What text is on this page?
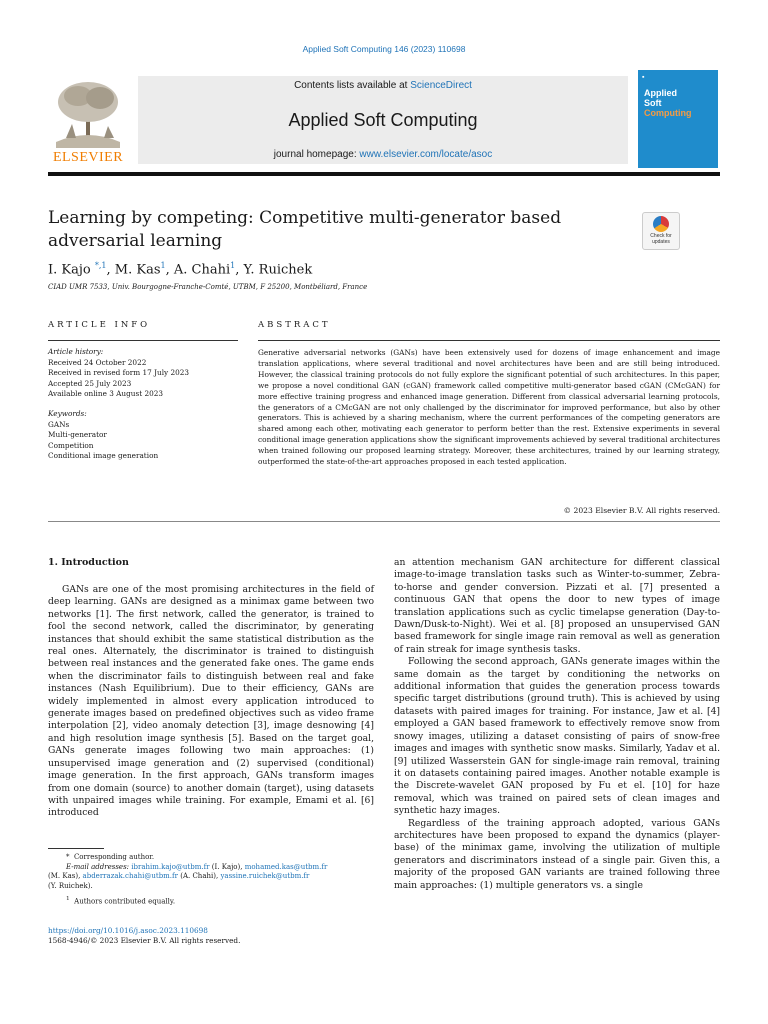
Applied Soft Computing 146 (2023) 110698
ELSEVIER
Contents lists available at ScienceDirect
Applied Soft Computing
journal homepage: www.elsevier.com/locate/asoc
▪
Applied
Soft
Computing
Learning by competing: Competitive multi-generator based adversarial learning	Check for updates
I. Kajo $^{*,1}$, M. Kas$^1$, A. Chahi$^1$, Y. Ruichek
CIAD UMR 7533, Univ. Bourgogne-Franche-Comté, UTBM, F 25200, Montbéliard, France
ARTICLE INFO	ABSTRACT
Article history:
Received 24 October 2022
Received in revised form 17 July 2023
Accepted 25 July 2023
Available online 3 August 2023
Keywords:
GANs
Multi-generator
Competition
Conditional image generation
Generative adversarial networks (GANs) have been extensively used for dozens of image enhancement and image translation applications, where several traditional and novel architectures have been and are still being introduced. However, the classical training protocols do not fully explore the significant potential of such architectures. In this paper, we propose a novel conditional GAN (cGAN) framework called competitive multi-generator based cGAN (CMcGAN) for more effective training progress and enhanced image generation. Different from classical adversarial learning protocols, the generators of a CMcGAN are not only challenged by the discriminator for improved performance, but also by other generators. This is achieved by a sharing mechanism, where the current performances of the competing generators are shared among each other, motivating each generator to perform better than the rest. Extensive experiments in several conditional image generation applications show the significant improvements achieved by several traditional architectures when trained following our proposed learning strategy. Moreover, these architectures, trained by our learning strategy, outperformed the state-of-the-art approaches proposed in each tested application.
© 2023 Elsevier B.V. All rights reserved.
1. Introduction

GANs are one of the most promising architectures in the field of deep learning. GANs are designed as a minimax game between two networks [1]. The first network, called the generator, is trained to fool the second network, called the discriminator, by generating instances that should exhibit the same statistical distribution as the real ones. Alternately, the discriminator is trained to distinguish between real instances and the generated fake ones. The game ends when the discriminator fails to distinguish between real and fake instances (Nash Equilibrium). Due to their efficiency, GANs are widely implemented in almost every application introduced to generate images based on predefined objectives such as video frame interpolation [2], video anomaly detection [3], image desnowing [4] and high resolution image synthesis [5]. Based on the target goal, GANs generate images following two main approaches: (1) unsupervised image generation and (2) supervised (conditional) image generation. In the first approach, GANs transform images from one domain (source) to another domain (target), using datasets with unpaired images while training. For example, Emami et al. [6] introduced

an attention mechanism GAN architecture for different classical image-to-image translation tasks such as Winter-to-summer, Zebra-to-horse and gender conversion. Pizzati et al. [7] presented a continuous GAN that opens the door to new types of image translation applications such as cyclic timelapse generation (Day-to-Dawn/Dusk-to-Night). Wei et al. [8] proposed an unsupervised GAN based framework for single image rain removal as well as generation of rain streak for image synthesis tasks.

Following the second approach, GANs generate images within the same domain as the target by conditioning the networks on additional information that guides the generation process towards specific target distributions (ground truth). This is achieved by using datasets with paired images for training. For instance, Jaw et al. [4] employed a GAN based framework to effectively remove snow from snowy images, utilizing a dataset consisting of pairs of snow-free images and images with synthetic snow masks. Similarly, Yadav et al. [9] utilized Wasserstein GAN for single-image rain removal, training it on datasets containing paired images. Another notable example is the Discrete-wavelet GAN proposed by Fu et el. [10] for haze removal, which was trained on paired sets of clean images and synthetic hazy images.

Regardless of the training approach adopted, various GANs architectures have been proposed to expand the dynamics (player-base) of the minimax game, involving the utilization of multiple generators and discriminators instead of a single pair. Given this, a majority of the proposed GAN variants are trained following three main approaches: (1) multiple generators vs. a single

*  Corresponding author.
E-mail addresses: ibrahim.kajo@utbm.fr (I. Kajo), mohamed.kas@utbm.fr
(M. Kas), abderrazak.chahi@utbm.fr (A. Chahi), yassine.ruichek@utbm.fr
(Y. Ruichek).
$^1$ Authors contributed equally.
https://doi.org/10.1016/j.asoc.2023.110698
1568-4946/© 2023 Elsevier B.V. All rights reserved.
